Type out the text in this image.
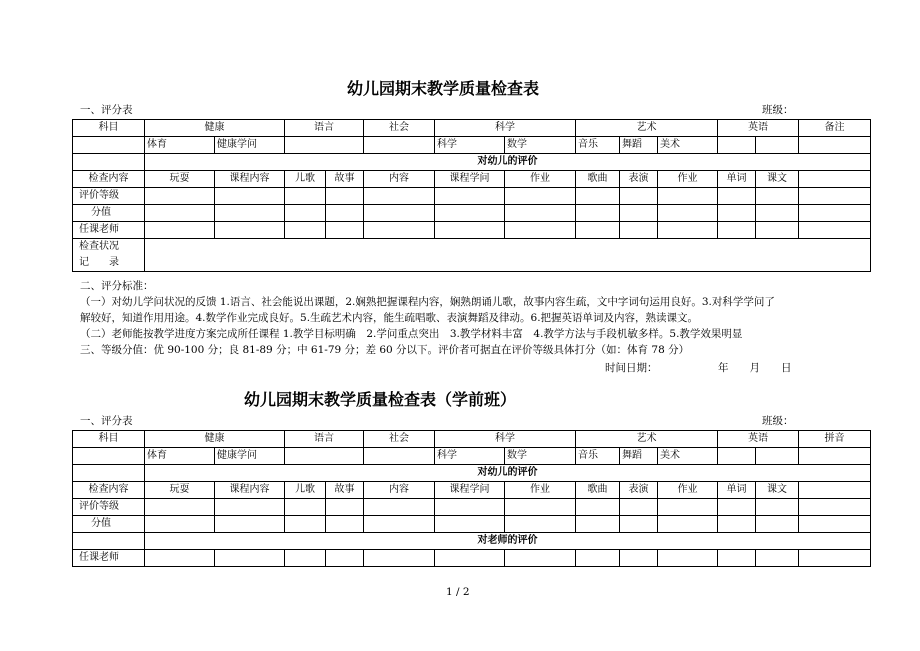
幼儿园期末教学质量检查表
一、评分表	班级：
科目	健康		语言		社会	科学		艺术			英语		备注
	体育	健康学问				科学	数学	音乐	舞蹈	美术			
	对幼儿的评价												
检查内容	玩耍	课程内容	儿歌	故事	内容	课程学问	作业	歌曲	表演	作业	单词	课文	
评价等级													
分值													
任课老师													

检查状况
记　　录													

二、评分标准：
（一）对幼儿学问状况的反馈 1.语言、社会能说出课题，2.娴熟把握课程内容，娴熟朗诵儿歌，故事内容生疏，文中字词句运用良好。3.对科学学问了
解较好，知道作用用途。4.数学作业完成良好。5.生疏艺术内容，能生疏唱歌、表演舞蹈及律动。6.把握英语单词及内容，熟读课文。
（二）老师能按教学进度方案完成所任课程 1.教学目标明确　2.学问重点突出　3.教学材料丰富　4.教学方法与手段机敏多样。5.教学效果明显
三、等级分值：优 90-100 分；良 81-89 分；中 61-79 分；差 60 分以下。评价者可据直在评价等级具体打分（如：体育 78 分）
时间日期：	年　　月　　日
幼儿园期末教学质量检查表（学前班）
一、评分表	班级：
科目	健康		语言		社会	科学		艺术			英语		拼音
	体育	健康学问				科学	数学	音乐	舞蹈	美术			
	对幼儿的评价												
检查内容	玩耍	课程内容	儿歌	故事	内容	课程学问	作业	歌曲	表演	作业	单词	课文	
评价等级													
分值													
	对老师的评价												
任课老师													
1 / 2
